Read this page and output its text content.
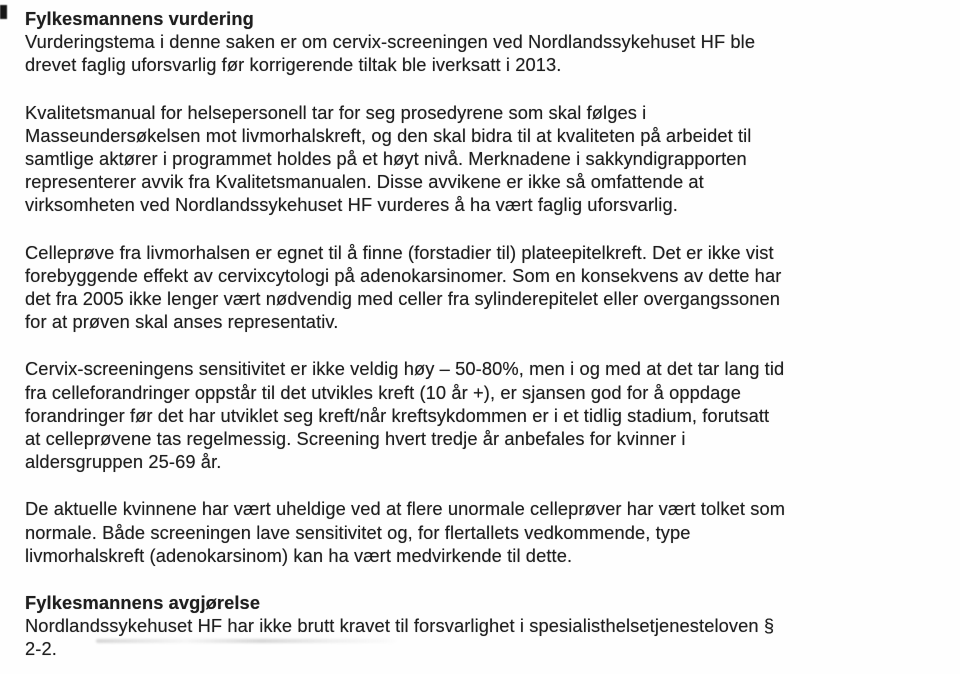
Fylkesmannens vurdering
Vurderingstema i denne saken er om cervix-screeningen ved Nordlandssykehuset HF ble
drevet faglig uforsvarlig før korrigerende tiltak ble iverksatt i 2013.
Kvalitetsmanual for helsepersonell tar for seg prosedyrene som skal følges i
Masseundersøkelsen mot livmorhalskreft, og den skal bidra til at kvaliteten på arbeidet til
samtlige aktører i programmet holdes på et høyt nivå. Merknadene i sakkyndigrapporten
representerer avvik fra Kvalitetsmanualen. Disse avvikene er ikke så omfattende at
virksomheten ved Nordlandssykehuset HF vurderes å ha vært faglig uforsvarlig.
Celleprøve fra livmorhalsen er egnet til å finne (forstadier til) plateepitelkreft. Det er ikke vist
forebyggende effekt av cervixcytologi på adenokarsinomer. Som en konsekvens av dette har
det fra 2005 ikke lenger vært nødvendig med celler fra sylinderepitelet eller overgangssonen
for at prøven skal anses representativ.
Cervix-screeningens sensitivitet er ikke veldig høy – 50-80%, men i og med at det tar lang tid
fra celleforandringer oppstår til det utvikles kreft (10 år +), er sjansen god for å oppdage
forandringer før det har utviklet seg kreft/når kreftsykdommen er i et tidlig stadium, forutsatt
at celleprøvene tas regelmessig. Screening hvert tredje år anbefales for kvinner i
aldersgruppen 25-69 år.
De aktuelle kvinnene har vært uheldige ved at flere unormale celleprøver har vært tolket som
normale. Både screeningen lave sensitivitet og, for flertallets vedkommende, type
livmorhalskreft (adenokarsinom) kan ha vært medvirkende til dette.
Fylkesmannens avgjørelse
Nordlandssykehuset HF har ikke brutt kravet til forsvarlighet i spesialisthelsetjenesteloven §
2-2.
